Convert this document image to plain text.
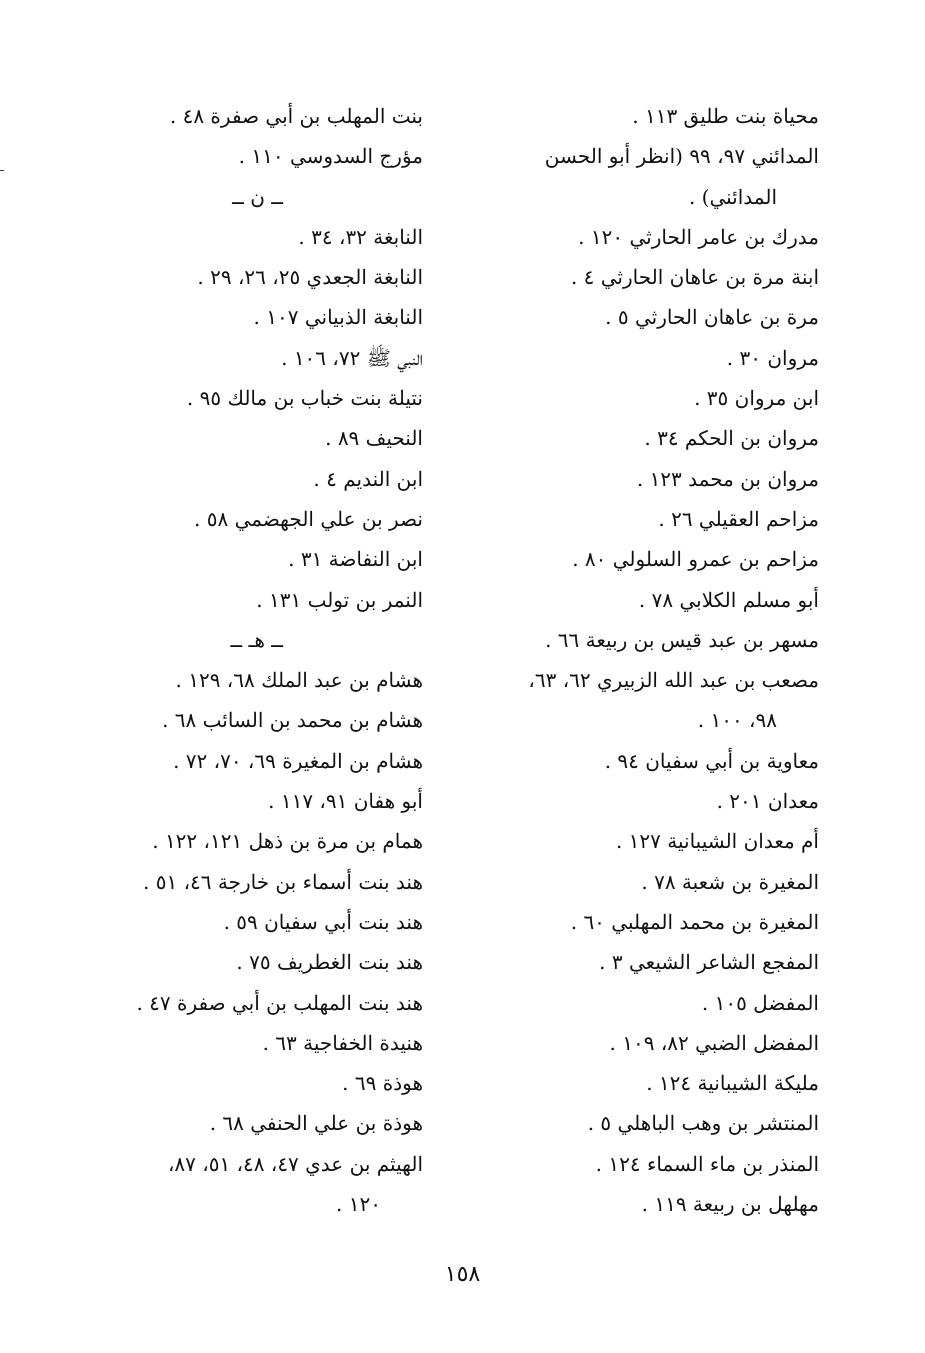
محياة بنت طليق ١١٣ .
المدائني ٩٧، ٩٩ (انظر أبو الحسن
المدائني) .
مدرك بن عامر الحارثي ١٢٠ .
ابنة مرة بن عاهان الحارثي ٤ .
مرة بن عاهان الحارثي ٥ .
مروان ٣٠ .
ابن مروان ٣٥ .
مروان بن الحكم ٣٤ .
مروان بن محمد ١٢٣ .
مزاحم العقيلي ٢٦ .
مزاحم بن عمرو السلولي ٨٠ .
أبو مسلم الكلابي ٧٨ .
مسهر بن عبد قيس بن ربيعة ٦٦ .
مصعب بن عبد الله الزبيري ٦٢، ٦٣،
٩٨، ١٠٠ .
معاوية بن أبي سفيان ٩٤ .
معدان ٢٠١ .
أم معدان الشيبانية ١٢٧ .
المغيرة بن شعبة ٧٨ .
المغيرة بن محمد المهلبي ٦٠ .
المفجع الشاعر الشيعي ٣ .
المفضل ١٠٥ .
المفضل الضبي ٨٢، ١٠٩ .
مليكة الشيبانية ١٢٤ .
المنتشر بن وهب الباهلي ٥ .
المنذر بن ماء السماء ١٢٤ .
مهلهل بن ربيعة ١١٩ .
بنت المهلب بن أبي صفرة ٤٨ .
مؤرج السدوسي ١١٠ .
ــ ن ــ
النابغة ٣٢، ٣٤ .
النابغة الجعدي ٢٥، ٢٦، ٢٩ .
النابغة الذبياني ١٠٧ .
النبي ﷺ ٧٢، ١٠٦ .
نتيلة بنت خباب بن مالك ٩٥ .
النحيف ٨٩ .
ابن النديم ٤ .
نصر بن علي الجهضمي ٥٨ .
ابن النفاضة ٣١ .
النمر بن تولب ١٣١ .
ــ هـ ــ
هشام بن عبد الملك ٦٨، ١٢٩ .
هشام بن محمد بن السائب ٦٨ .
هشام بن المغيرة ٦٩، ٧٠، ٧٢ .
أبو هفان ٩١، ١١٧ .
همام بن مرة بن ذهل ١٢١، ١٢٢ .
هند بنت أسماء بن خارجة ٤٦، ٥١ .
هند بنت أبي سفيان ٥٩ .
هند بنت الغطريف ٧٥ .
هند بنت المهلب بن أبي صفرة ٤٧ .
هنيدة الخفاجية ٦٣ .
هوذة ٦٩ .
هوذة بن علي الحنفي ٦٨ .
الهيثم بن عدي ٤٧، ٤٨، ٥١، ٨٧،
١٢٠ .
١٥٨
